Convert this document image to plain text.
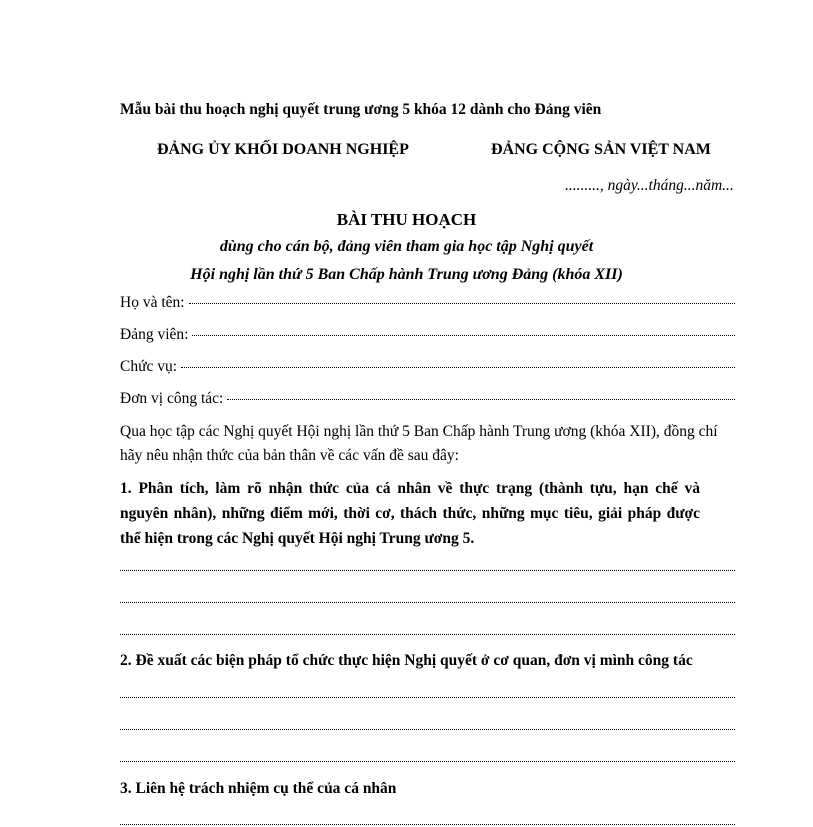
Mẫu bài thu hoạch nghị quyết trung ương 5 khóa 12 dành cho Đảng viên
ĐẢNG ỦY KHỐI DOANH NGHIỆP	ĐẢNG CỘNG SẢN VIỆT NAM
........., ngày...tháng...năm...
BÀI THU HOẠCH
dùng cho cán bộ, đảng viên tham gia học tập Nghị quyết
Hội nghị lần thứ 5 Ban Chấp hành Trung ương Đảng (khóa XII)
Họ và tên:
Đảng viên:
Chức vụ:
Đơn vị công tác:
Qua học tập các Nghị quyết Hội nghị lần thứ 5 Ban Chấp hành Trung ương (khóa XII), đồng chí hãy nêu nhận thức của bản thân về các vấn đề sau đây:
1. Phân tích, làm rõ nhận thức của cá nhân về thực trạng (thành tựu, hạn chế và nguyên nhân), những điểm mới, thời cơ, thách thức, những mục tiêu, giải pháp được thể hiện trong các Nghị quyết Hội nghị Trung ương 5.
2. Đề xuất các biện pháp tổ chức thực hiện Nghị quyết ở cơ quan, đơn vị mình công tác
3. Liên hệ trách nhiệm cụ thể của cá nhân
